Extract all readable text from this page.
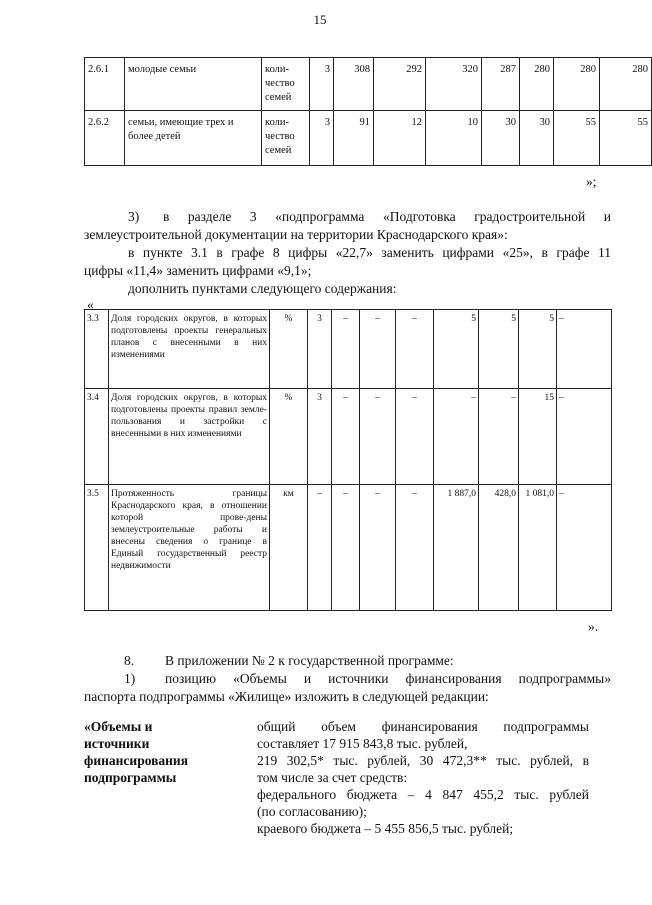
15
2.6.1	молодые семьи	коли-
чество
семей	3	308	292	320	287	280	280	280
2.6.2	семьи, имеющие трех и более детей	коли-
чество
семей	3	91	12	10	30	30	55	55
»;
3) в разделе 3 «подпрограмма «Подготовка градостроительной и
землеустроительной документации на территории Краснодарского края»:
в пункте 3.1 в графе 8 цифры «22,7» заменить цифрами «25», в графе 11
цифры «11,4» заменить цифрами «9,1»;
дополнить пунктами следующего содержания:
«
3.3	Доля городских округов, в которых подготовлены проекты генеральных планов с внесенными в них изменениями	%	3	–	–	–	5	5	5	–
3.4	Доля городских округов, в которых подготовлены проекты правил земле-пользования и застройки с внесенными в них изменениями	%	3	–	–	–	–	–	15	–
3.5	Протяженность границы Краснодарского края, в отношении которой прове-дены землеустроительные работы и внесены сведения о границе в Единый государственный реестр недвижимости	км	–	–	–	–	1 887,0	428,0	1 081,0	–
».
8. В приложении № 2 к государственной программе:
1) позицию «Объемы и источники финансирования подпрограммы»
паспорта подпрограммы «Жилище» изложить в следующей редакции:
«Объемы и
источники
финансирования
подпрограммы
общий объем финансирования подпрограммы
составляет 17 915 843,8 тыс. рублей,
219 302,5* тыс. рублей, 30 472,3** тыс. рублей, в
том числе за счет средств:
федерального бюджета – 4 847 455,2 тыс. рублей
(по согласованию);
краевого бюджета – 5 455 856,5 тыс. рублей;
